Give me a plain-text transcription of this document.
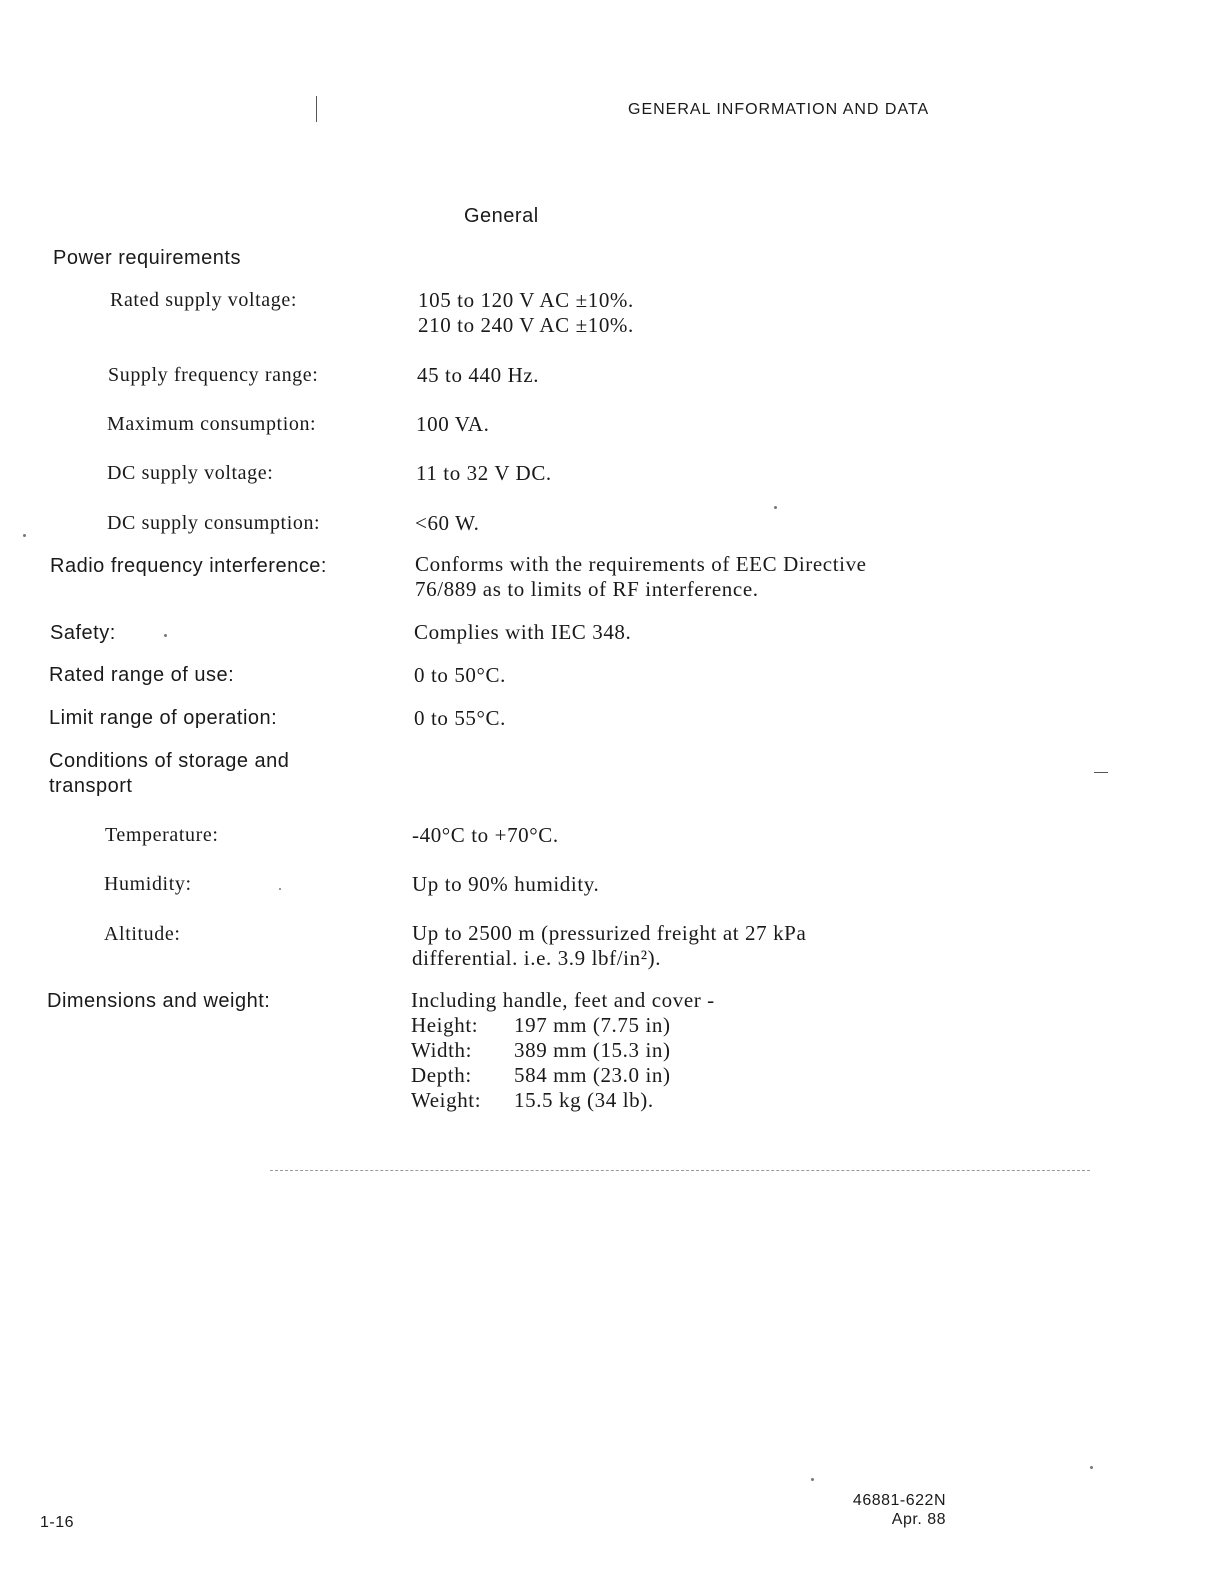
GENERAL INFORMATION AND DATA
General
Power requirements
Rated supply voltage:	105 to 120 V AC ±10%.
210 to 240 V AC ±10%.
Supply frequency range:	45 to 440 Hz.
Maximum consumption:	100 VA.
DC supply voltage:	11 to 32 V DC.
DC supply consumption:	<60 W.
Radio frequency interference:	Conforms with the requirements of EEC Directive
76/889 as to limits of RF interference.
Safety:	Complies with IEC 348.
Rated range of use:	0 to 50°C.
Limit range of operation:	0 to 55°C.
Conditions of storage and
transport
Temperature:	-40°C to +70°C.
Humidity:	Up to 90% humidity.
Altitude:	Up to 2500 m (pressurized freight at 27 kPa
differential. i.e. 3.9 lbf/in²).
Dimensions and weight:	Including handle, feet and cover -
Height:	197 mm (7.75 in)
Width:	389 mm (15.3 in)
Depth:	584 mm (23.0 in)
Weight:	15.5 kg (34 lb).
1-16
46881-622N
Apr. 88
